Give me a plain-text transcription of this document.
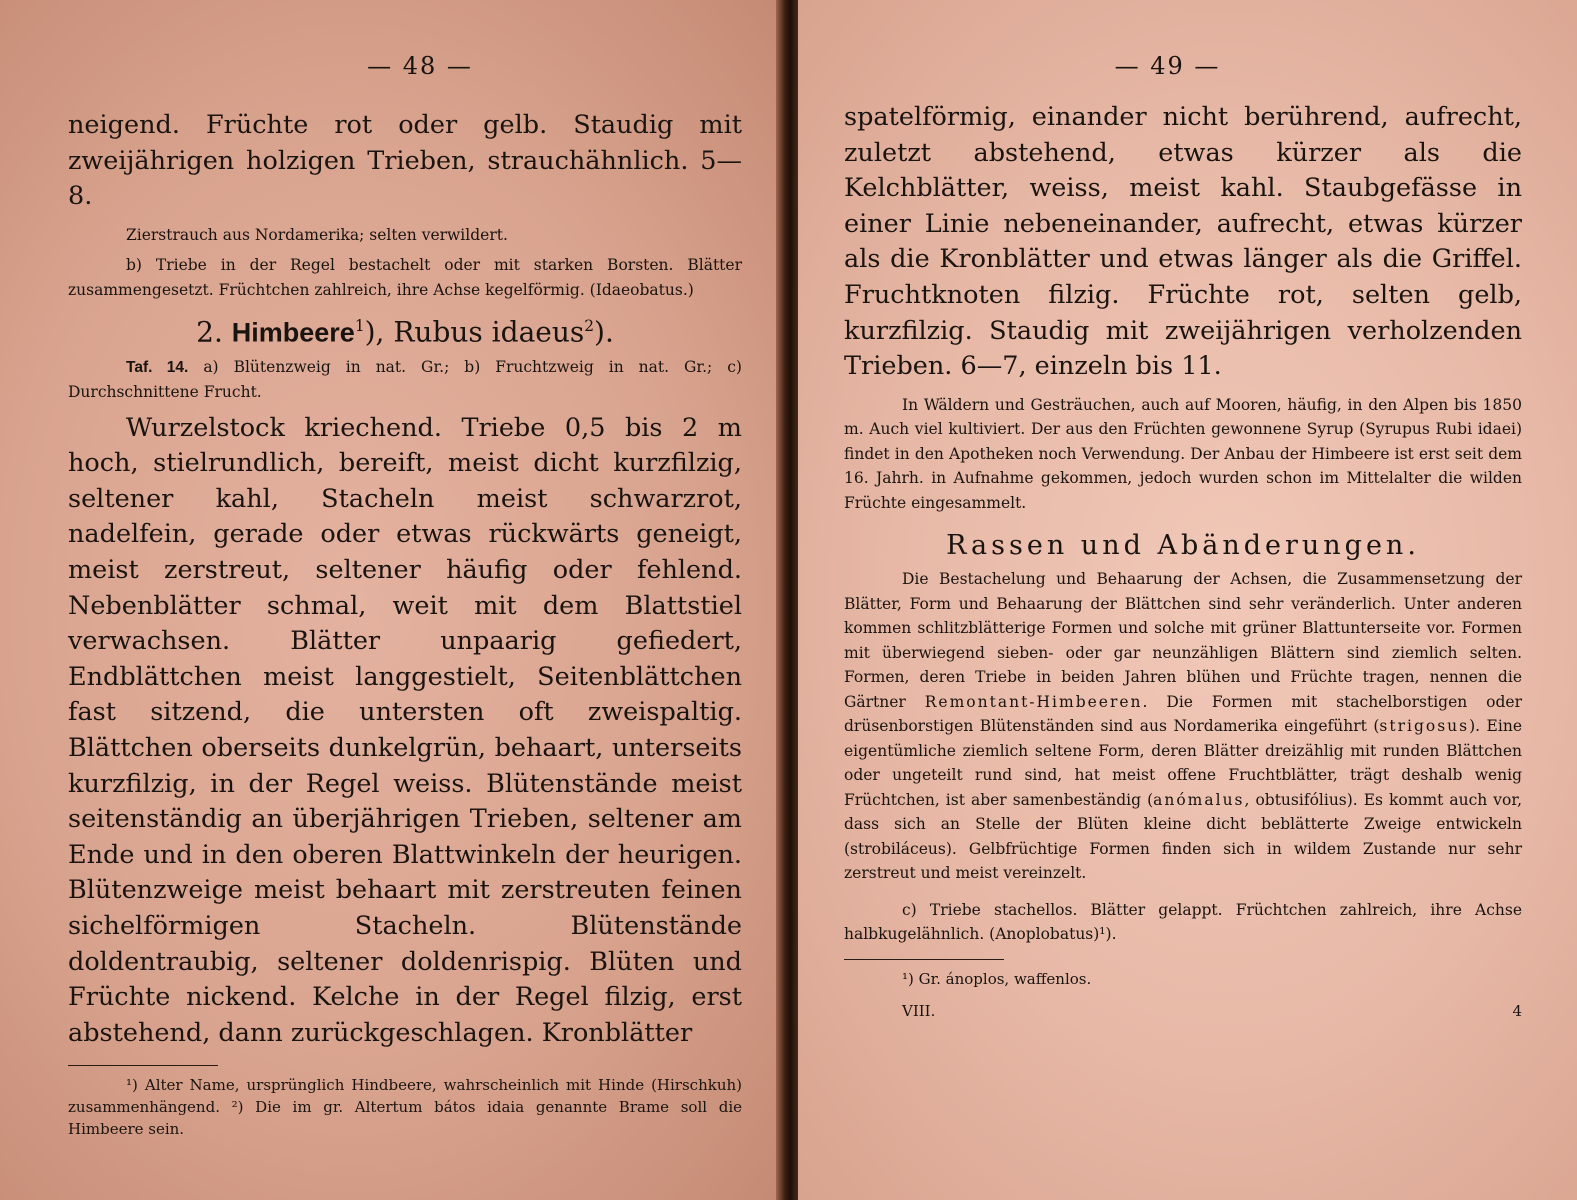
— 48 —

neigend. Früchte rot oder gelb. Staudig mit zweijährigen holzigen Trieben, strauchähnlich. 5—8.

Zierstrauch aus Nordamerika; selten verwildert.

b) Triebe in der Regel bestachelt oder mit starken Borsten. Blätter zusammengesetzt. Früchtchen zahlreich, ihre Achse kegelförmig. (Idaeobatus.)

2. Himbeere$^1$), Rubus idaeus$^2$).

Taf. 14. a) Blütenzweig in nat. Gr.; b) Fruchtzweig in nat. Gr.; c) Durchschnittene Frucht.

Wurzelstock kriechend. Triebe 0,5 bis 2 m hoch, stielrundlich, bereift, meist dicht kurzfilzig, seltener kahl, Stacheln meist schwarzrot, nadelfein, gerade oder etwas rückwärts geneigt, meist zerstreut, seltener häufig oder fehlend. Nebenblätter schmal, weit mit dem Blattstiel verwachsen. Blätter unpaarig gefiedert, Endblättchen meist langgestielt, Seitenblättchen fast sitzend, die untersten oft zweispaltig. Blättchen oberseits dunkelgrün, behaart, unterseits kurzfilzig, in der Regel weiss. Blütenstände meist seitenständig an überjährigen Trieben, seltener am Ende und in den oberen Blattwinkeln der heurigen. Blütenzweige meist behaart mit zerstreuten feinen sichelförmigen Stacheln. Blütenstände doldentraubig, seltener doldenrispig. Blüten und Früchte nickend. Kelche in der Regel filzig, erst abstehend, dann zurückgeschlagen. Kronblätter

¹) Alter Name, ursprünglich Hindbeere, wahrscheinlich mit Hinde (Hirschkuh) zusammenhängend. ²) Die im gr. Altertum bátos idaia genannte Brame soll die Himbeere sein.

— 49 —

spatelförmig, einander nicht berührend, aufrecht, zuletzt abstehend, etwas kürzer als die Kelchblätter, weiss, meist kahl. Staubgefässe in einer Linie nebeneinander, aufrecht, etwas kürzer als die Kronblätter und etwas länger als die Griffel. Fruchtknoten filzig. Früchte rot, selten gelb, kurzfilzig. Staudig mit zweijährigen verholzenden Trieben. 6—7, einzeln bis 11.

In Wäldern und Gesträuchen, auch auf Mooren, häufig, in den Alpen bis 1850 m. Auch viel kultiviert. Der aus den Früchten gewonnene Syrup (Syrupus Rubi idaei) findet in den Apotheken noch Verwendung. Der Anbau der Himbeere ist erst seit dem 16. Jahrh. in Aufnahme gekommen, jedoch wurden schon im Mittelalter die wilden Früchte eingesammelt.

Rassen und Abänderungen.

Die Bestachelung und Behaarung der Achsen, die Zusammensetzung der Blätter, Form und Behaarung der Blättchen sind sehr veränderlich. Unter anderen kommen schlitzblätterige Formen und solche mit grüner Blattunterseite vor. Formen mit überwiegend sieben- oder gar neunzähligen Blättern sind ziemlich selten. Formen, deren Triebe in beiden Jahren blühen und Früchte tragen, nennen die Gärtner Remontant-Himbeeren. Die Formen mit stachelborstigen oder drüsenborstigen Blütenständen sind aus Nordamerika eingeführt (strigosus). Eine eigentümliche ziemlich seltene Form, deren Blätter dreizählig mit runden Blättchen oder ungeteilt rund sind, hat meist offene Fruchtblätter, trägt deshalb wenig Früchtchen, ist aber samenbeständig (anómalus, obtusifólius). Es kommt auch vor, dass sich an Stelle der Blüten kleine dicht beblätterte Zweige entwickeln (strobiláceus). Gelbfrüchtige Formen finden sich in wildem Zustande nur sehr zerstreut und meist vereinzelt.

c) Triebe stachellos. Blätter gelappt. Früchtchen zahlreich, ihre Achse halbkugelähnlich. (Anoplobatus)¹).

¹) Gr. ánoplos, waffenlos.

VIII.	4
